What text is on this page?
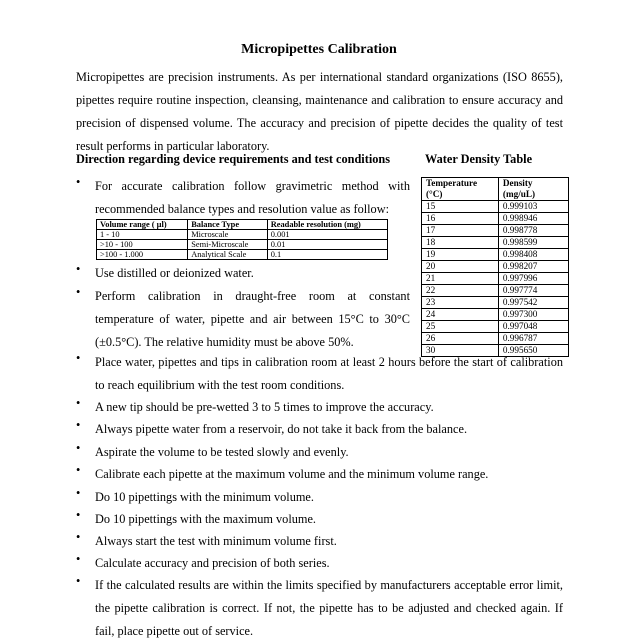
Micropipettes Calibration
Micropipettes are precision instruments. As per international standard organizations (ISO 8655), pipettes require routine inspection, cleansing, maintenance and calibration to ensure accuracy and precision of dispensed volume. The accuracy and precision of pipette decides the quality of test result performs in particular laboratory.
Direction regarding device requirements and test conditions	Water Density Table
• For accurate calibration follow gravimetric method with recommended balance types and resolution value as follow:
Volume range ( µl)	Balance Type	Readable resolution (mg)
1 - 10	Microscale	0.001
>10 - 100	Semi-Microscale	0.01
>100 - 1.000	Analytical Scale	0.1
Temperature (°C)	Density (mg/uL)
15	0.999103
16	0.998946
17	0.998778
18	0.998599
19	0.998408
20	0.998207
21	0.997996
22	0.997774
23	0.997542
24	0.997300
25	0.997048
26	0.996787
30	0.995650
• Use distilled or deionized water.
• Perform calibration in draught-free room at constant temperature of water, pipette and air between 15°C to 30°C (±0.5°C). The relative humidity must be above 50%.
• Place water, pipettes and tips in calibration room at least 2 hours before the start of calibration to reach equilibrium with the test room conditions.
• A new tip should be pre-wetted 3 to 5 times to improve the accuracy.
• Always pipette water from a reservoir, do not take it back from the balance.
• Aspirate the volume to be tested slowly and evenly.
• Calibrate each pipette at the maximum volume and the minimum volume range.
• Do 10 pipettings with the minimum volume.
• Do 10 pipettings with the maximum volume.
• Always start the test with minimum volume first.
• Calculate accuracy and precision of both series.
• If the calculated results are within the limits specified by manufacturers acceptable error limit, the pipette calibration is correct. If not, the pipette has to be adjusted and checked again. If fail, place pipette out of service.
